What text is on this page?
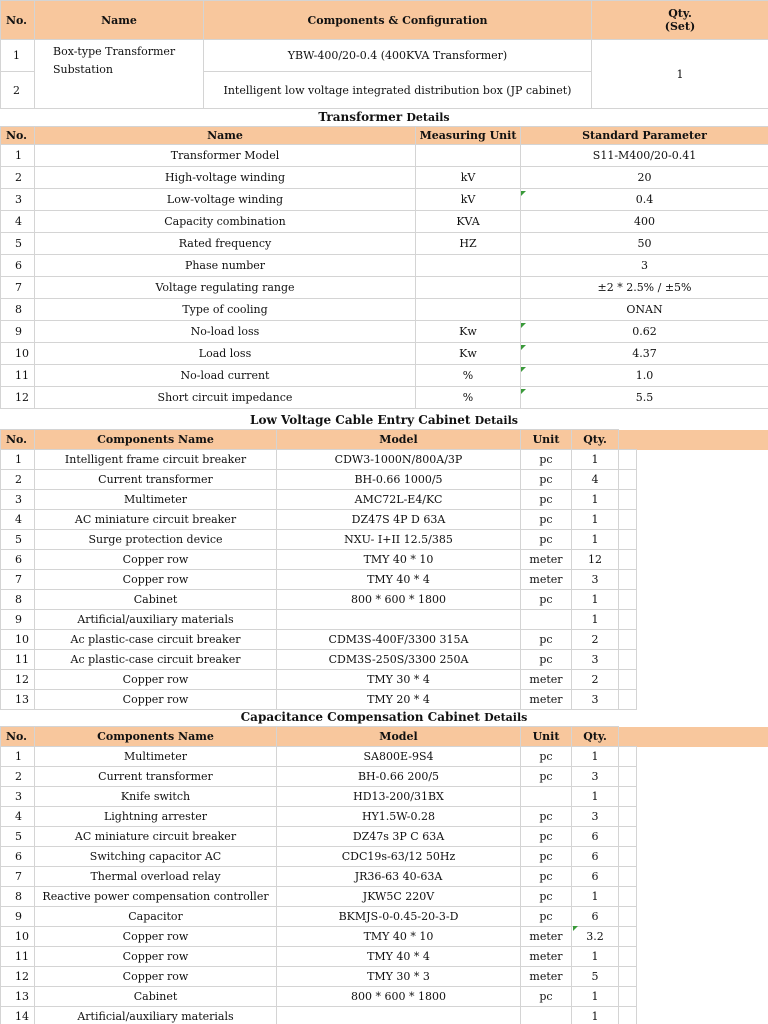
No.	Name	Components & Configuration	Qty.
(Set)
1	Box-type Transformer Substation	YBW-400/20-0.4 (400KVA Transformer)	1
2		Intelligent low voltage integrated distribution box (JP cabinet)	
Transformer Details
No.	Name	Measuring Unit	Standard Parameter
1	Transformer Model		S11-M400/20-0.41
2	High-voltage winding	kV	20
3	Low-voltage winding	kV	0.4
4	Capacity combination	KVA	400
5	Rated frequency	HZ	50
6	Phase number		3
7	Voltage regulating range		±2 * 2.5% / ±5%
8	Type of cooling		ONAN
9	No-load loss	Kw	0.62
10	Load loss	Kw	4.37
11	No-load current	%	1.0
12	Short circuit impedance	%	5.5
Low Voltage Cable Entry Cabinet Details
No.	Components Name	Model	Unit	Qty.		
1	Intelligent frame circuit breaker	CDW3-1000N/800A/3P	pc	1		
2	Current transformer	BH-0.66 1000/5	pc	4		
3	Multimeter	AMC72L-E4/KC	pc	1		
4	AC miniature circuit breaker	DZ47S 4P D 63A	pc	1		
5	Surge protection device	NXU- I+II 12.5/385	pc	1		
6	Copper row	TMY 40 * 10	meter	12		
7	Copper row	TMY 40 * 4	meter	3		
8	Cabinet	800 * 600 * 1800	pc	1		
9	Artificial/auxiliary materials			1		
10	Ac plastic-case circuit breaker	CDM3S-400F/3300 315A	pc	2		
11	Ac plastic-case circuit breaker	CDM3S-250S/3300 250A	pc	3		
12	Copper row	TMY 30 * 4	meter	2		
13	Copper row	TMY 20 * 4	meter	3		
Capacitance Compensation Cabinet Details
No.	Components Name	Model	Unit	Qty.		
1	Multimeter	SA800E-9S4	pc	1		
2	Current transformer	BH-0.66 200/5	pc	3		
3	Knife switch	HD13-200/31BX		1		
4	Lightning arrester	HY1.5W-0.28	pc	3		
5	AC miniature circuit breaker	DZ47s 3P C 63A	pc	6		
6	Switching capacitor AC	CDC19s-63/12 50Hz	pc	6		
7	Thermal overload relay	JR36-63 40-63A	pc	6		
8	Reactive power compensation controller	JKW5C 220V	pc	1		
9	Capacitor	BKMJS-0-0.45-20-3-D	pc	6		
10	Copper row	TMY 40 * 10	meter	3.2		
11	Copper row	TMY 40 * 4	meter	1		
12	Copper row	TMY 30 * 3	meter	5		
13	Cabinet	800 * 600 * 1800	pc	1		
14	Artificial/auxiliary materials			1		
